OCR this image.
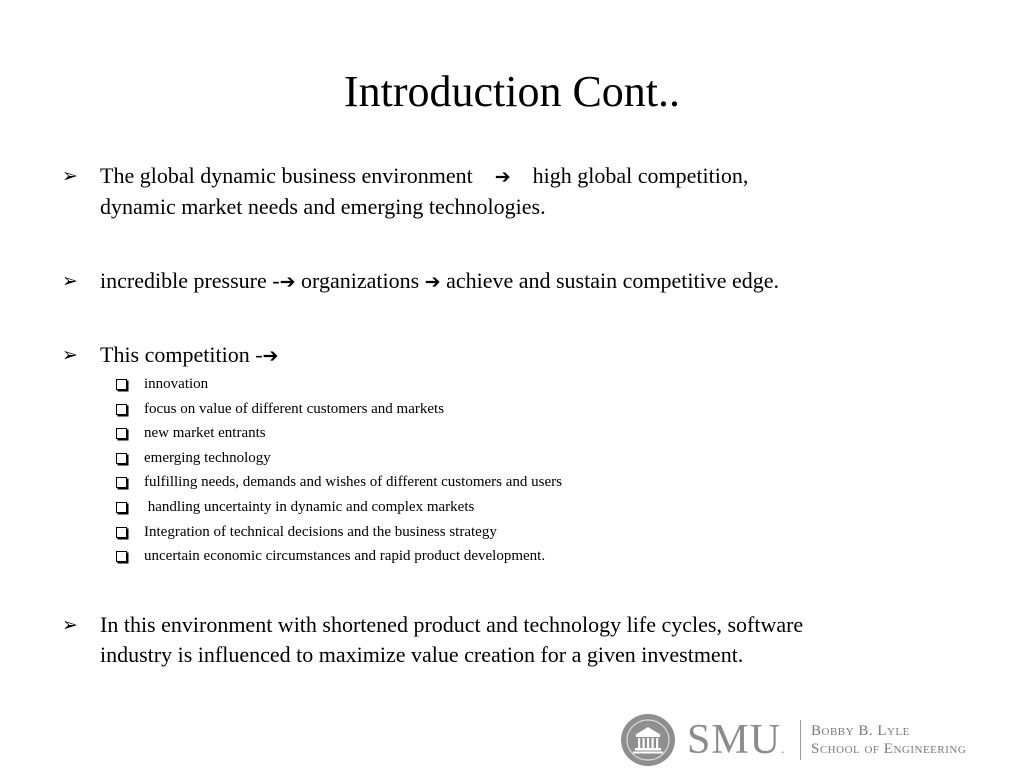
Introduction Cont..
➢ The global dynamic business environment ➔ high global competition,
dynamic market needs and emerging technologies.
➢ incredible pressure -➔ organizations ➔ achieve and sustain competitive edge.
➢ This competition -➔
innovation
focus on value of different customers and markets
new market entrants
emerging technology
fulfilling needs, demands and wishes of different customers and users
handling uncertainty in dynamic and complex markets
Integration of technical decisions and the business strategy
uncertain economic circumstances and rapid product development.
➢ In this environment with shortened product and technology life cycles, software industry is influenced to maximize value creation for a given investment.
SMU.
Bobby B. Lyle
School of Engineering
